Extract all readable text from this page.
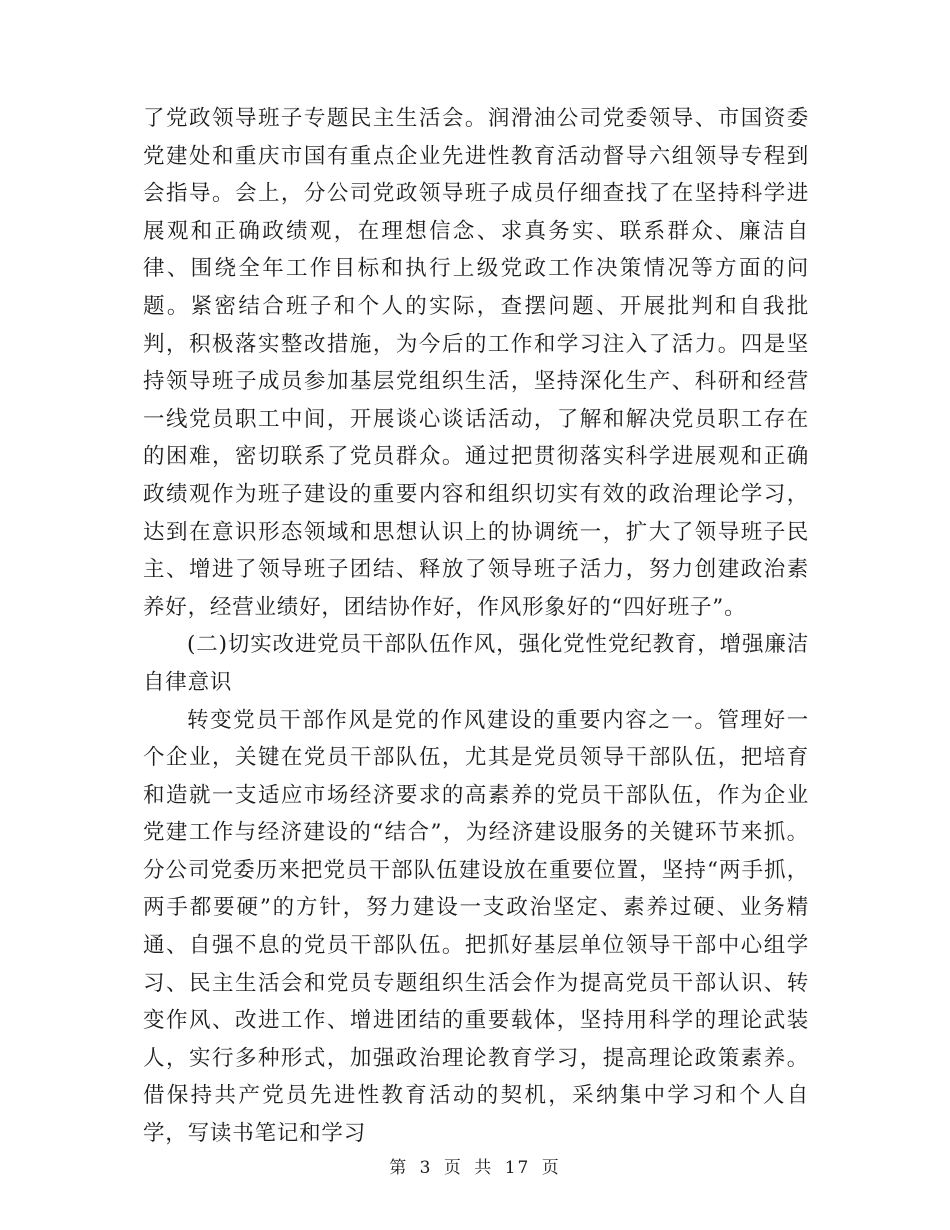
了党政领导班子专题民主生活会。润滑油公司党委领导、市国资委党建处和重庆市国有重点企业先进性教育活动督导六组领导专程到会指导。会上，分公司党政领导班子成员仔细查找了在坚持科学进展观和正确政绩观，在理想信念、求真务实、联系群众、廉洁自律、围绕全年工作目标和执行上级党政工作决策情况等方面的问题。紧密结合班子和个人的实际，查摆问题、开展批判和自我批判，积极落实整改措施，为今后的工作和学习注入了活力。四是坚持领导班子成员参加基层党组织生活，坚持深化生产、科研和经营一线党员职工中间，开展谈心谈话活动，了解和解决党员职工存在的困难，密切联系了党员群众。通过把贯彻落实科学进展观和正确政绩观作为班子建设的重要内容和组织切实有效的政治理论学习，达到在意识形态领域和思想认识上的协调统一，扩大了领导班子民主、增进了领导班子团结、释放了领导班子活力，努力创建政治素养好，经营业绩好，团结协作好，作风形象好的“四好班子”。

(二)切实改进党员干部队伍作风，强化党性党纪教育，增强廉洁自律意识

转变党员干部作风是党的作风建设的重要内容之一。管理好一个企业，关键在党员干部队伍，尤其是党员领导干部队伍，把培育和造就一支适应市场经济要求的高素养的党员干部队伍，作为企业党建工作与经济建设的“结合”，为经济建设服务的关键环节来抓。分公司党委历来把党员干部队伍建设放在重要位置，坚持“两手抓，两手都要硬”的方针，努力建设一支政治坚定、素养过硬、业务精通、自强不息的党员干部队伍。把抓好基层单位领导干部中心组学习、民主生活会和党员专题组织生活会作为提高党员干部认识、转变作风、改进工作、增进团结的重要载体，坚持用科学的理论武装人，实行多种形式，加强政治理论教育学习，提高理论政策素养。借保持共产党员先进性教育活动的契机，采纳集中学习和个人自学，写读书笔记和学习

第 3 页 共 17 页
